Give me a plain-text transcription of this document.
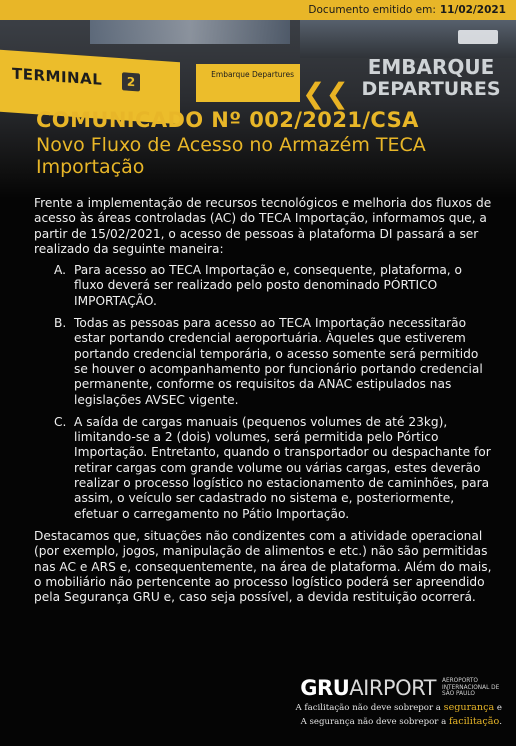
Documento emitido em: 11/02/2021
TERMINAL	2
Embarque Departures
❮❮
EMBARQUE
DEPARTURES

COMUNICADO Nº 002/2021/CSA

Novo Fluxo de Acesso no Armazém TECA Importação

Frente a implementação de recursos tecnológicos e melhoria dos fluxos de acesso às áreas controladas (AC) do TECA Importação, informamos que, a partir de 15/02/2021, o acesso de pessoas à plataforma DI passará a ser realizado da seguinte maneira:

A. Para acesso ao TECA Importação e, consequente, plataforma, o fluxo deverá ser realizado pelo posto denominado PÓRTICO IMPORTAÇÃO.
B. Todas as pessoas para acesso ao TECA Importação necessitarão estar portando credencial aeroportuária. Àqueles que estiverem portando credencial temporária, o acesso somente será permitido se houver o acompanhamento por funcionário portando credencial permanente, conforme os requisitos da ANAC estipulados nas legislações AVSEC vigente.
C. A saída de cargas manuais (pequenos volumes de até 23kg), limitando-se a 2 (dois) volumes, será permitida pelo Pórtico Importação. Entretanto, quando o transportador ou despachante for retirar cargas com grande volume ou várias cargas, estes deverão realizar o processo logístico no estacionamento de caminhões, para assim, o veículo ser cadastrado no sistema e, posteriormente, efetuar o carregamento no Pátio Importação.

Destacamos que, situações não condizentes com a atividade operacional (por exemplo, jogos, manipulação de alimentos e etc.) não são permitidas nas AC e ARS e, consequentemente, na área de plataforma. Além do mais, o mobiliário não pertencente ao processo logístico poderá ser apreendido pela Segurança GRU e, caso seja possível, a devida restituição ocorrerá.

GRU AIRPORT AEROPORTO INTERNACIONAL DE SÃO PAULO
A facilitação não deve sobrepor a segurança e
A segurança não deve sobrepor a facilitação.
